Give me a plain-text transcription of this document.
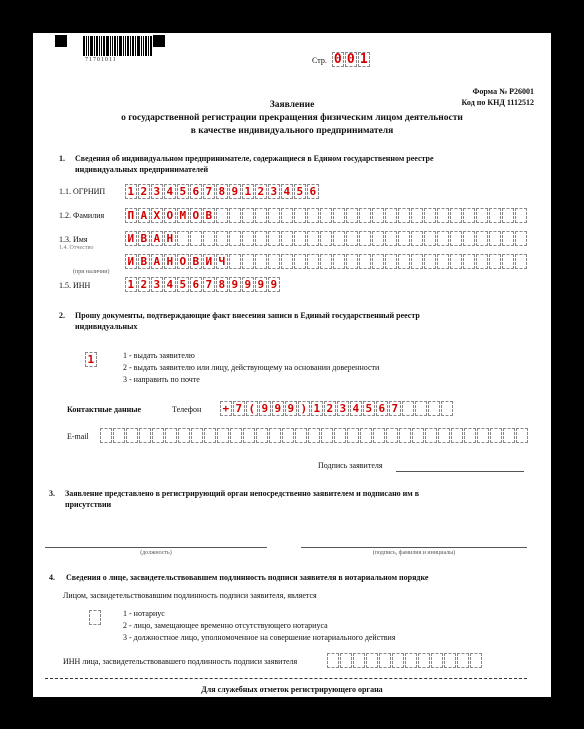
71701011	Стр. 0 0 1
Форма № Р26001
Код по КНД 1112512
Заявление
о государственной регистрации прекращения физическим лицом деятельности
в качестве индивидуального предпринимателя
1. Сведения об индивидуальном предпринимателе, содержащиеся в Едином государственном реестре
индивидуальных предпринимателей
1.1. ОГРНИП 1 2 3 4 5 6 7 8 9 1 2 3 4 5 6
1.2. Фамилия П А Х О М О В
1.3. Имя	И В А Н
1.4. Отчество
(при наличии)
И В А Н О В И Ч
1.5. ИНН	1 2 3 4 5 6 7 8 9 9 9 9
2. Прошу документы, подтверждающие факт внесения записи в Единый государственный реестр
индивидуальных
1	1 - выдать заявителю
2 - выдать заявителю или лицу, действующему на основании доверенности
3 - направить по почте
Контактные данные	Телефон + 7 ( 9 9 9 ) 1 2 3 4 5 6 7
E-mail
Подпись заявителя
3. Заявление представлено в регистрирующий орган непосредственно заявителем и подписано им в
присутствии
(должность)	(подпись, фамилия и инициалы)
4. Сведения о лице, засвидетельствовавшем подлинность подписи заявителя в нотариальном порядке
Лицом, засвидетельствовавшим подлинность подписи заявителя, является
1 - нотариус
2 - лицо, замещающее временно отсутствующего нотариуса
3 - должностное лицо, уполномоченное на совершение нотариального действия
ИНН лица, засвидетельствовавшего подлинность подписи заявителя
Для служебных отметок регистрирующего органа
